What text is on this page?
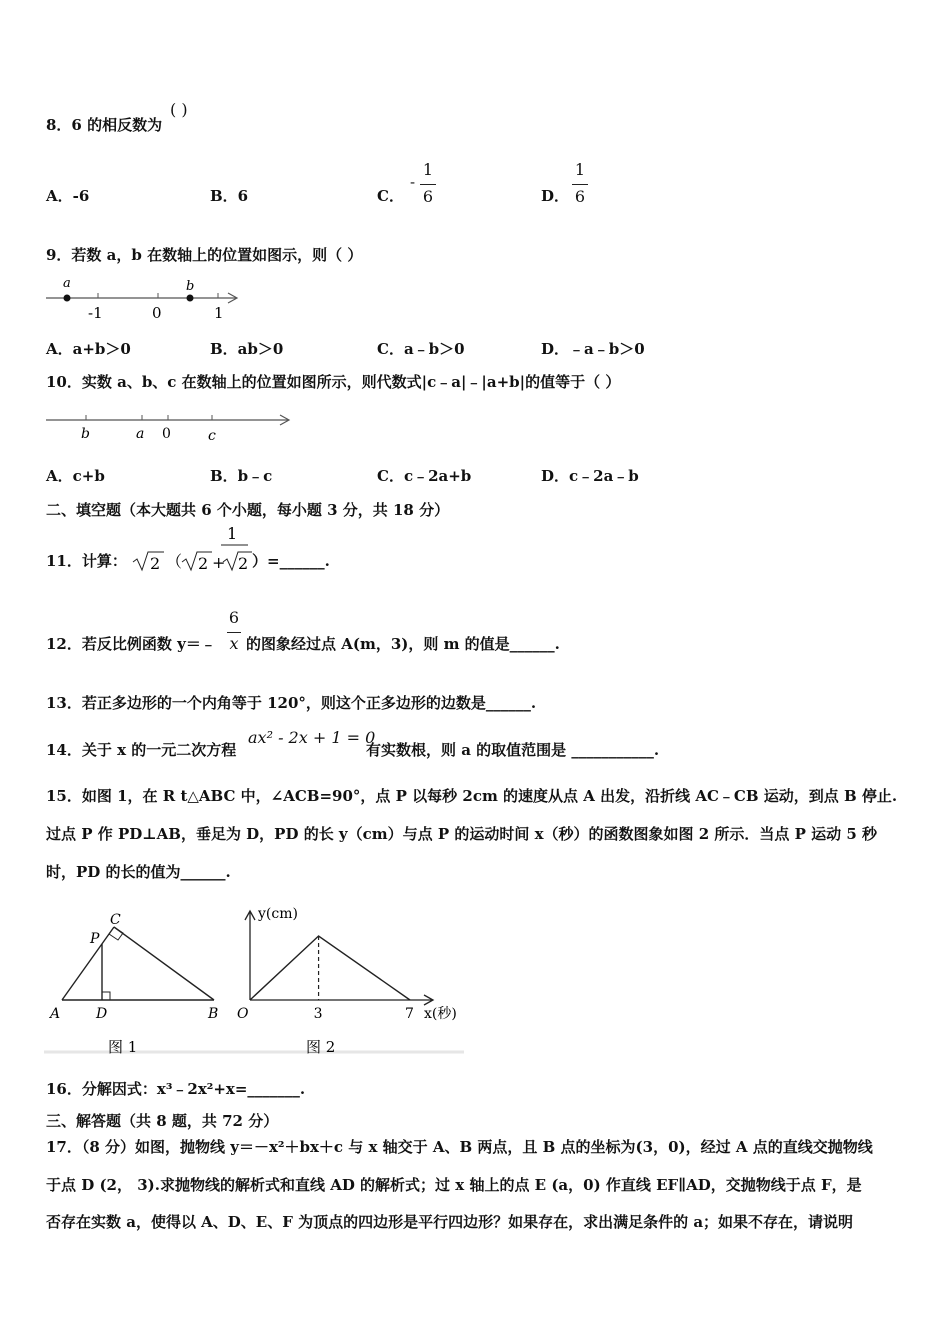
8．6 的相反数为
( )
A．-6	B．6	C．
-
1
6	D．
1
6
9．若数 a，b 在数轴上的位置如图示，则（ ）
a	b
-1	0	1
A．a+b＞0	B．ab＞0	C．a﹣b＞0	D．﹣a﹣b＞0
10．实数 a、b、c 在数轴上的位置如图所示，则代数式|c﹣a|﹣|a+b|的值等于（ ）
b	a 0	c
A．c+b	B．b﹣c	C．c﹣2a+b	D．c﹣2a﹣b
二、填空题（本大题共 6 个小题，每小题 3 分，共 18 分）
11．计算： 2 （ 2 +
1
2 ）=______.
12．若反比例函数 y＝﹣
6
x 的图象经过点 A(m，3)，则 m 的值是______.
13．若正多边形的一个内角等于 120°，则这个正多边形的边数是______.
14．关于 x 的一元二次方程
ax² - 2x + 1 = 0
有实数根，则 a 的取值范围是 ___________.
15．如图 1，在 R t△ABC 中，∠ACB=90°，点 P 以每秒 2cm 的速度从点 A 出发，沿折线 AC﹣CB 运动，到点 B 停止.
过点 P 作 PD⊥AB，垂足为 D，PD 的长 y（cm）与点 P 的运动时间 x（秒）的函数图象如图 2 所示．当点 P 运动 5 秒
时，PD 的长的值为______.
A	D	B
C
P
图 1
y(cm)
x(秒)
O	3	7
图 2
16．分解因式：x³﹣2x²+x=_______.
三、解答题（共 8 题，共 72 分）
17．（8 分）如图，抛物线 y＝－x²＋bx＋c 与 x 轴交于 A、B 两点，且 B 点的坐标为(3，0)，经过 A 点的直线交抛物线
于点 D (2， 3).求抛物线的解析式和直线 AD 的解析式；过 x 轴上的点 E (a，0) 作直线 EF∥AD，交抛物线于点 F，是
否存在实数 a，使得以 A、D、E、F 为顶点的四边形是平行四边形？如果存在，求出满足条件的 a；如果不存在，请说明
